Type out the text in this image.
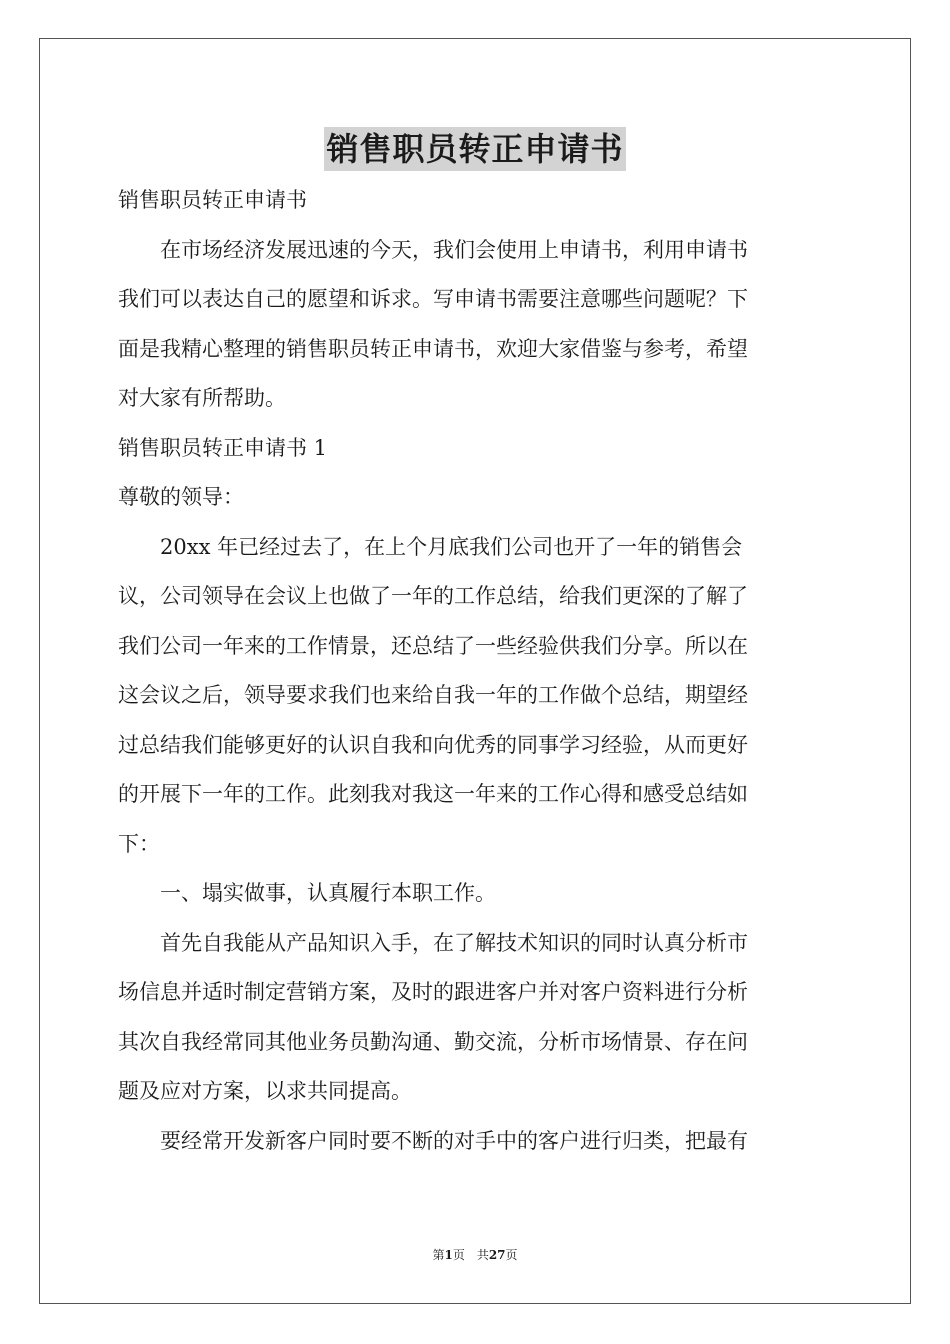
销售职员转正申请书

销售职员转正申请书

　　在市场经济发展迅速的今天，我们会使用上申请书，利用申请书

我们可以表达自己的愿望和诉求。写申请书需要注意哪些问题呢？下

面是我精心整理的销售职员转正申请书，欢迎大家借鉴与参考，希望

对大家有所帮助。

销售职员转正申请书 1

尊敬的领导：

　　20xx 年已经过去了，在上个月底我们公司也开了一年的销售会

议，公司领导在会议上也做了一年的工作总结，给我们更深的了解了

我们公司一年来的工作情景，还总结了一些经验供我们分享。所以在

这会议之后，领导要求我们也来给自我一年的工作做个总结，期望经

过总结我们能够更好的认识自我和向优秀的同事学习经验，从而更好

的开展下一年的工作。此刻我对我这一年来的工作心得和感受总结如

下：

　　一、塌实做事，认真履行本职工作。

　　首先自我能从产品知识入手，在了解技术知识的同时认真分析市

场信息并适时制定营销方案，及时的跟进客户并对客户资料进行分析

其次自我经常同其他业务员勤沟通、勤交流，分析市场情景、存在问

题及应对方案，以求共同提高。

　　要经常开发新客户同时要不断的对手中的客户进行归类，把最有

第1页　共27页
